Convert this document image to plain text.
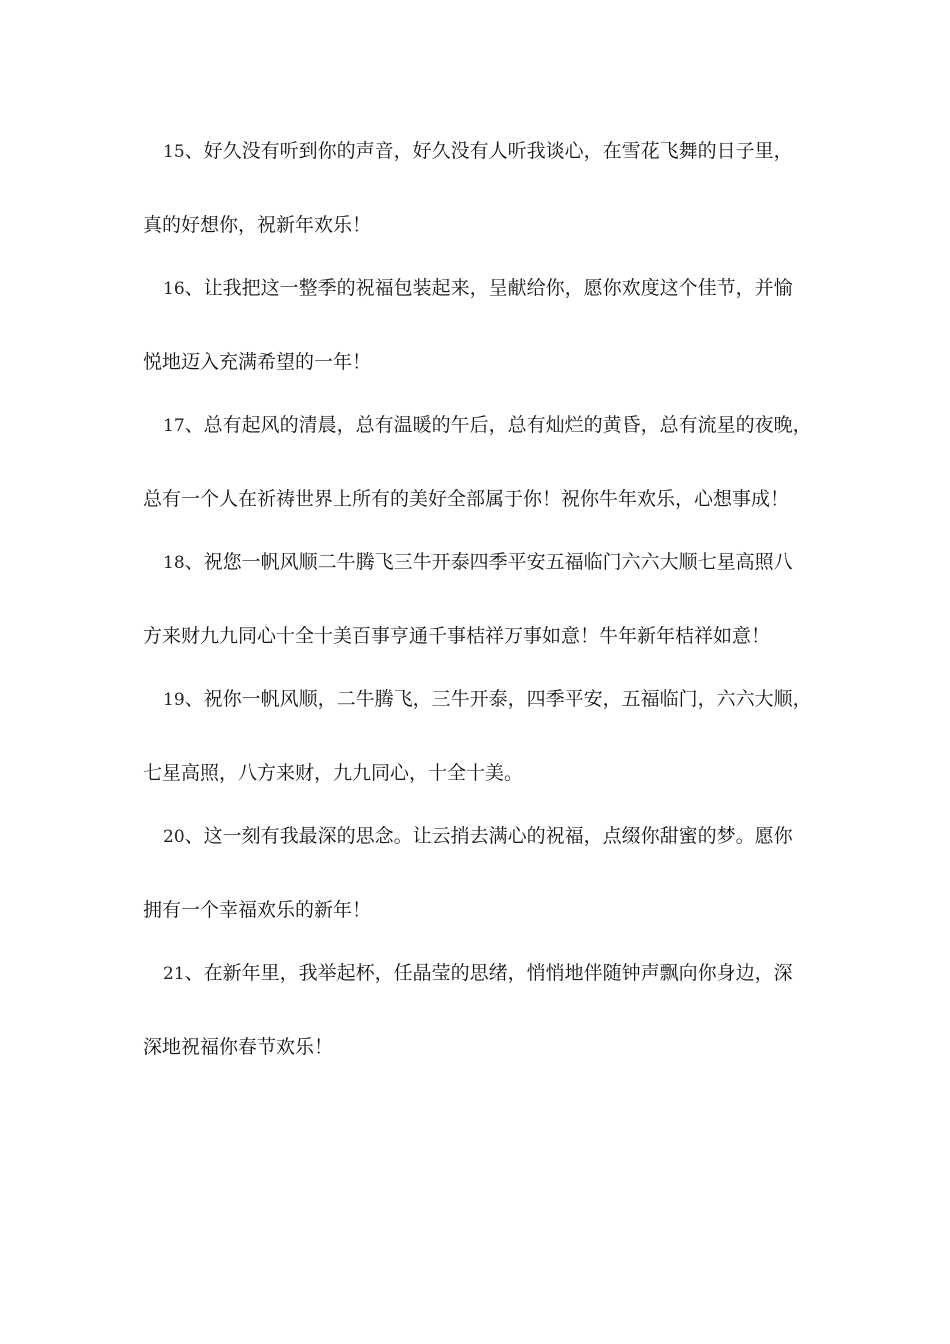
15、好久没有听到你的声音，好久没有人听我谈心，在雪花飞舞的日子里，
真的好想你，祝新年欢乐！
16、让我把这一整季的祝福包装起来，呈献给你，愿你欢度这个佳节，并愉
悦地迈入充满希望的一年！
17、总有起风的清晨，总有温暖的午后，总有灿烂的黄昏，总有流星的夜晚，
总有一个人在祈祷世界上所有的美好全部属于你！祝你牛年欢乐，心想事成！
18、祝您一帆风顺二牛腾飞三牛开泰四季平安五福临门六六大顺七星高照八
方来财九九同心十全十美百事亨通千事桔祥万事如意！牛年新年桔祥如意！
19、祝你一帆风顺，二牛腾飞，三牛开泰，四季平安，五福临门，六六大顺，
七星高照，八方来财，九九同心，十全十美。
20、这一刻有我最深的思念。让云捎去满心的祝福，点缀你甜蜜的梦。愿你
拥有一个幸福欢乐的新年！
21、在新年里，我举起杯，任晶莹的思绪，悄悄地伴随钟声飘向你身边，深
深地祝福你春节欢乐！
